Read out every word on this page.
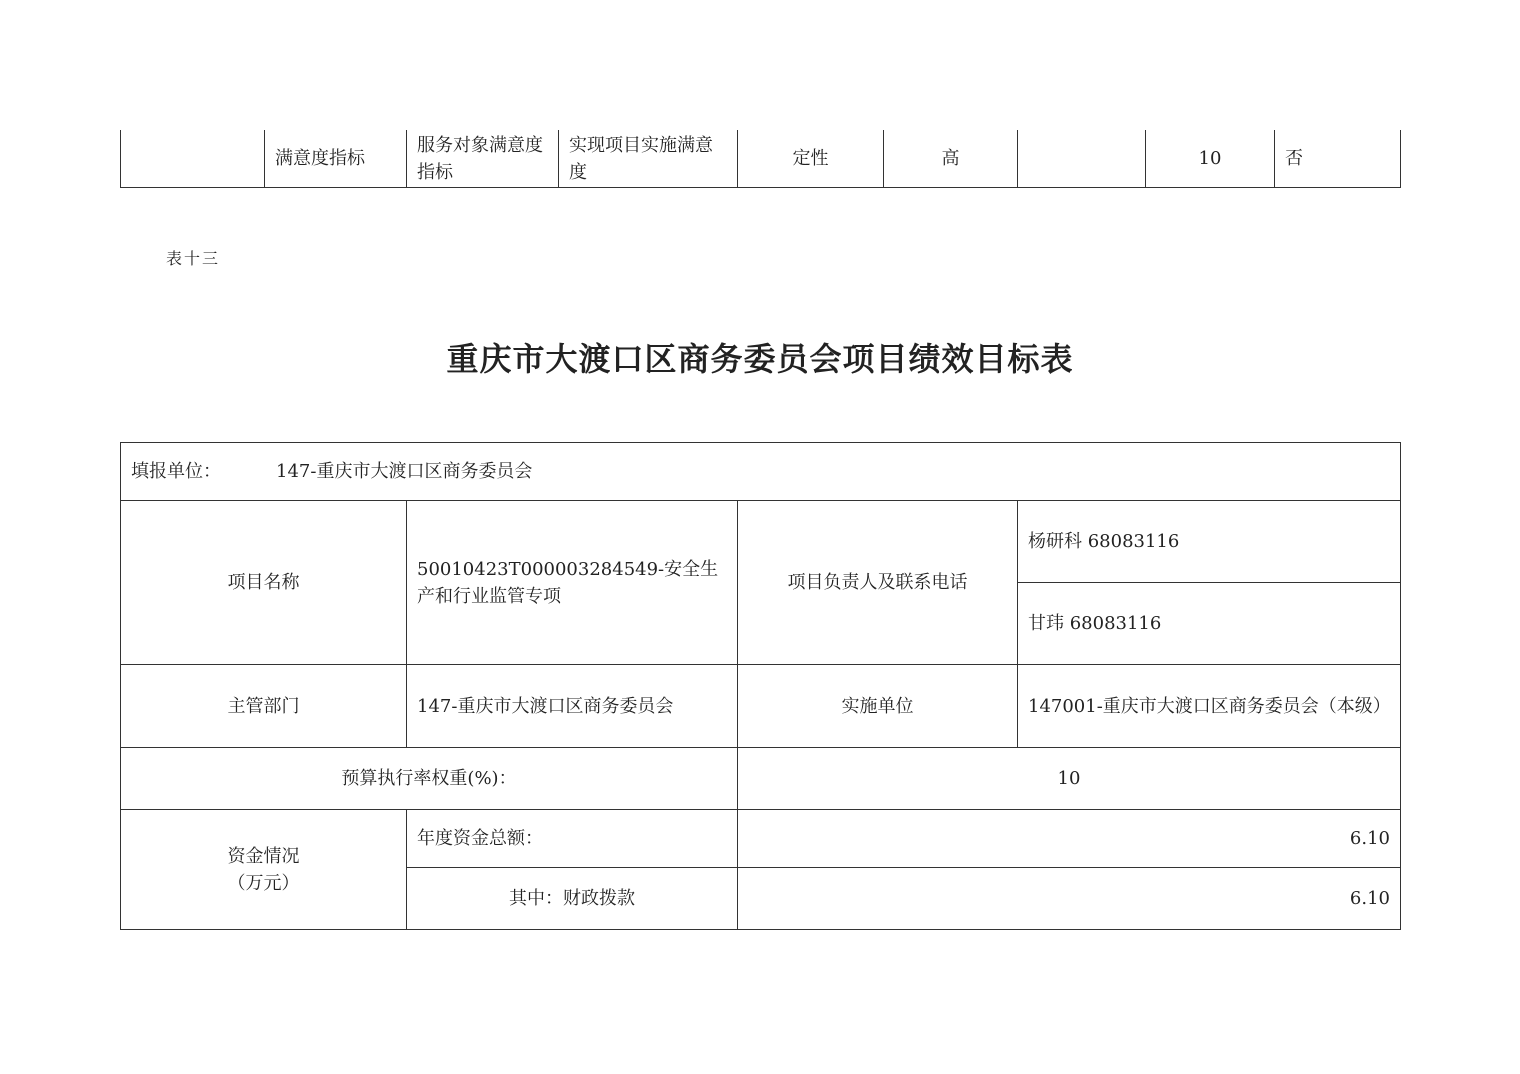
	满意度指标	服务对象满意度指标	实现项目实施满意度	定性	高		10	否
表十三
重庆市大渡口区商务委员会项目绩效目标表
填报单位： 147-重庆市大渡口区商务委员会			
项目名称	50010423T000003284549-安全生产和行业监管专项	项目负责人及联系电话	杨研科 68083116
			甘玮 68083116
主管部门	147-重庆市大渡口区商务委员会	实施单位	147001-重庆市大渡口区商务委员会（本级）
预算执行率权重(%)：		10	

资金情况
（万元）	年度资金总额：	6.10	
	其中：财政拨款	6.10	
